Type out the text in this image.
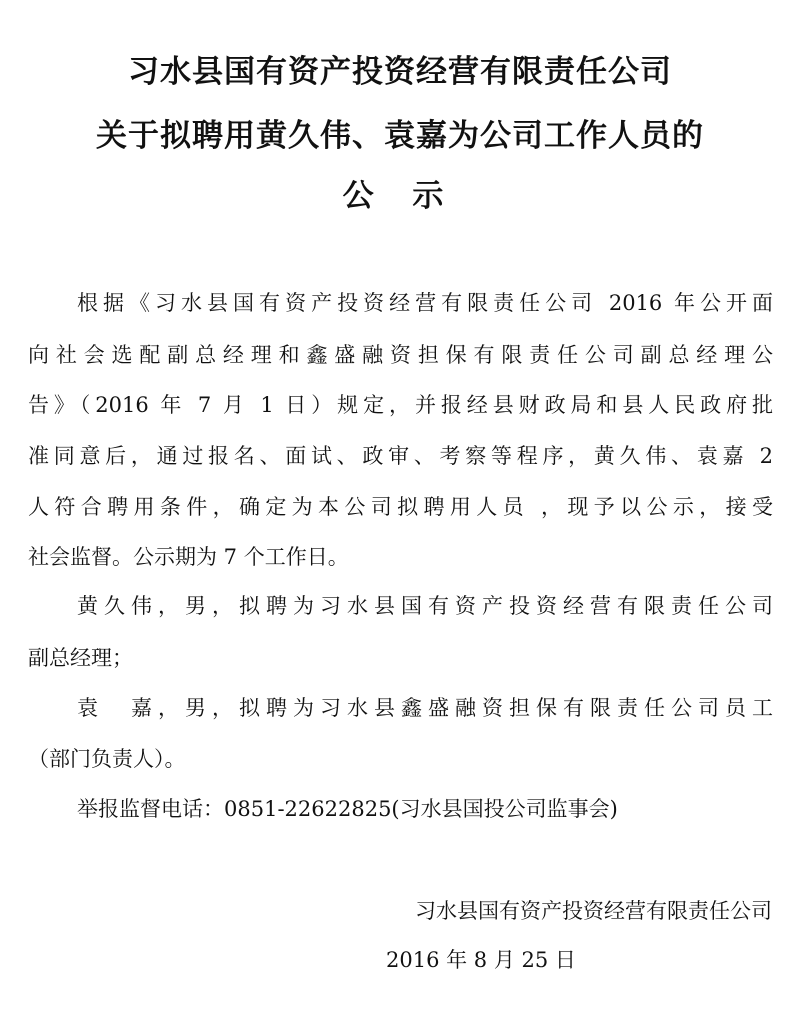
习水县国有资产投资经营有限责任公司
关于拟聘用黄久伟、袁嘉为公司工作人员的
公 示
根据《习水县国有资产投资经营有限责任公司 2016 年公开面
向社会选配副总经理和鑫盛融资担保有限责任公司副总经理公
告》（2016 年 7 月 1 日）规定，并报经县财政局和县人民政府批
准同意后，通过报名、面试、政审、考察等程序，黄久伟、袁嘉 2
人符合聘用条件，确定为本公司拟聘用人员 ，现予以公示，接受
社会监督。公示期为 7 个工作日。
黄久伟，男，拟聘为习水县国有资产投资经营有限责任公司
副总经理；
袁　嘉，男，拟聘为习水县鑫盛融资担保有限责任公司员工
（部门负责人）。
举报监督电话：0851-22622825(习水县国投公司监事会)
习水县国有资产投资经营有限责任公司
2016 年 8 月 25 日
